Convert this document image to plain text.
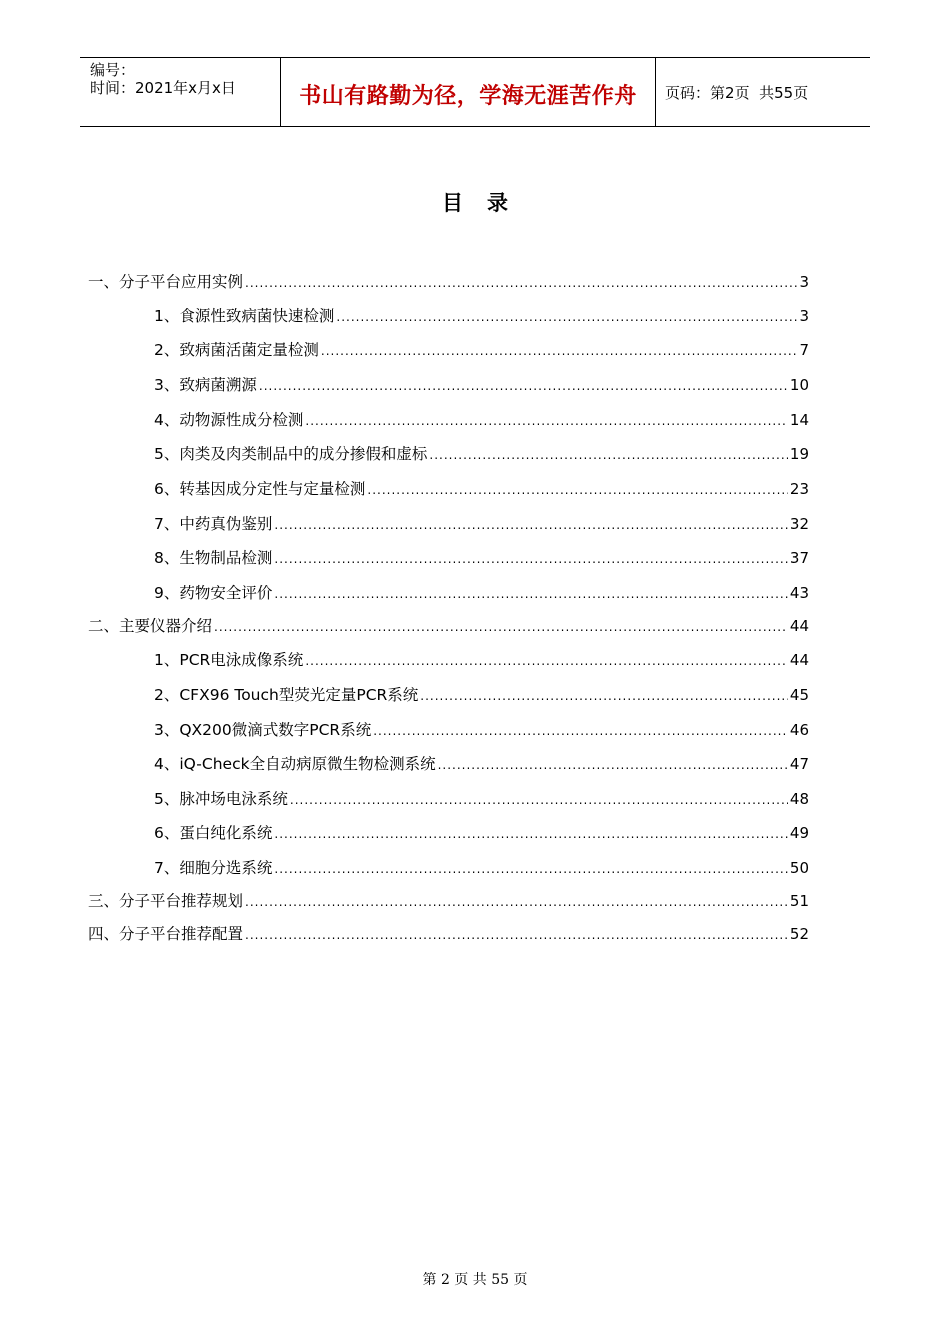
编号：
时间：2021年x月x日	书山有路勤为径，学海无涯苦作舟	页码：第2页  共55页
目 录
一、分子平台应用实例 .....	3
1、食源性致病菌快速检测 .....	3
2、致病菌活菌定量检测 .....	7
3、致病菌溯源 .....	10
4、动物源性成分检测 .....	14
5、肉类及肉类制品中的成分掺假和虚标 .....	19
6、转基因成分定性与定量检测 .....	23
7、中药真伪鉴别 .....	32
8、生物制品检测 .....	37
9、药物安全评价 .....	43
二、主要仪器介绍 .....	44
1、PCR电泳成像系统 .....	44
2、CFX96 Touch型荧光定量PCR系统 .....	45
3、QX200微滴式数字PCR系统 .....	46
4、iQ-Check全自动病原微生物检测系统 .....	47
5、脉冲场电泳系统 .....	48
6、蛋白纯化系统 .....	49
7、细胞分选系统 .....	50
三、分子平台推荐规划 .....	51
四、分子平台推荐配置 .....	52
第 2 页 共 55 页
